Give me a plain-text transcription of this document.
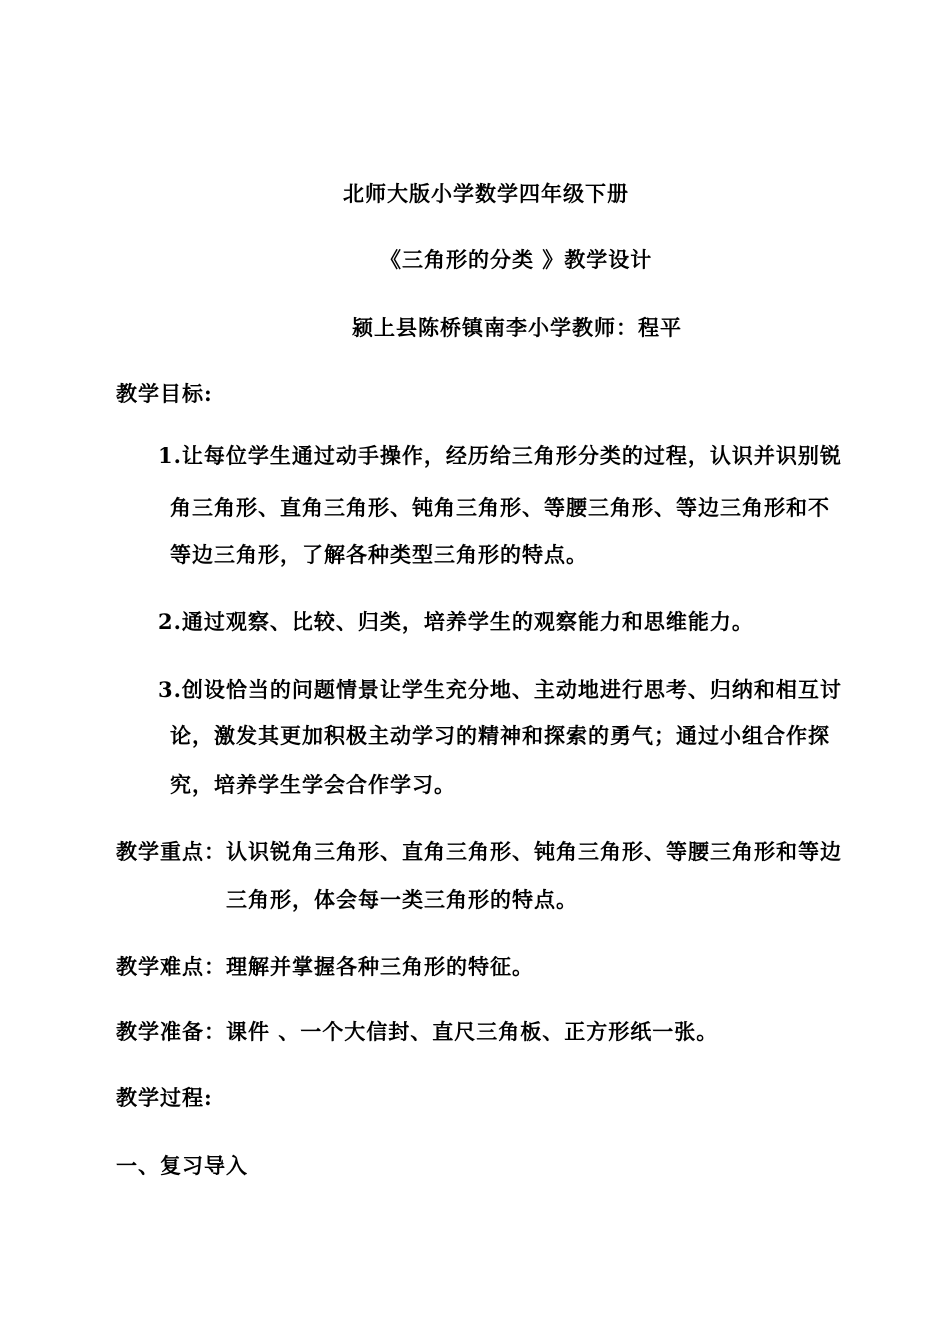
北师大版小学数学四年级下册
《三角形的分类 》教学设计
颍上县陈桥镇南李小学教师：程平
教学目标:
1.让每位学生通过动手操作，经历给三角形分类的过程，认识并识别锐
角三角形、直角三角形、钝角三角形、等腰三角形、等边三角形和不
等边三角形，了解各种类型三角形的特点。
2.通过观察、比较、归类，培养学生的观察能力和思维能力。
3.创设恰当的问题情景让学生充分地、主动地进行思考、归纳和相互讨
论，激发其更加积极主动学习的精神和探索的勇气；通过小组合作探
究，培养学生学会合作学习。
教学重点： 认识锐角三角形、直角三角形、钝角三角形、等腰三角形和等边
三角形，体会每一类三角形的特点。
教学难点： 理解并掌握各种三角形的特征。
教学准备： 课件 、一个大信封、直尺三角板、正方形纸一张。
教学过程:
一、复习导入
